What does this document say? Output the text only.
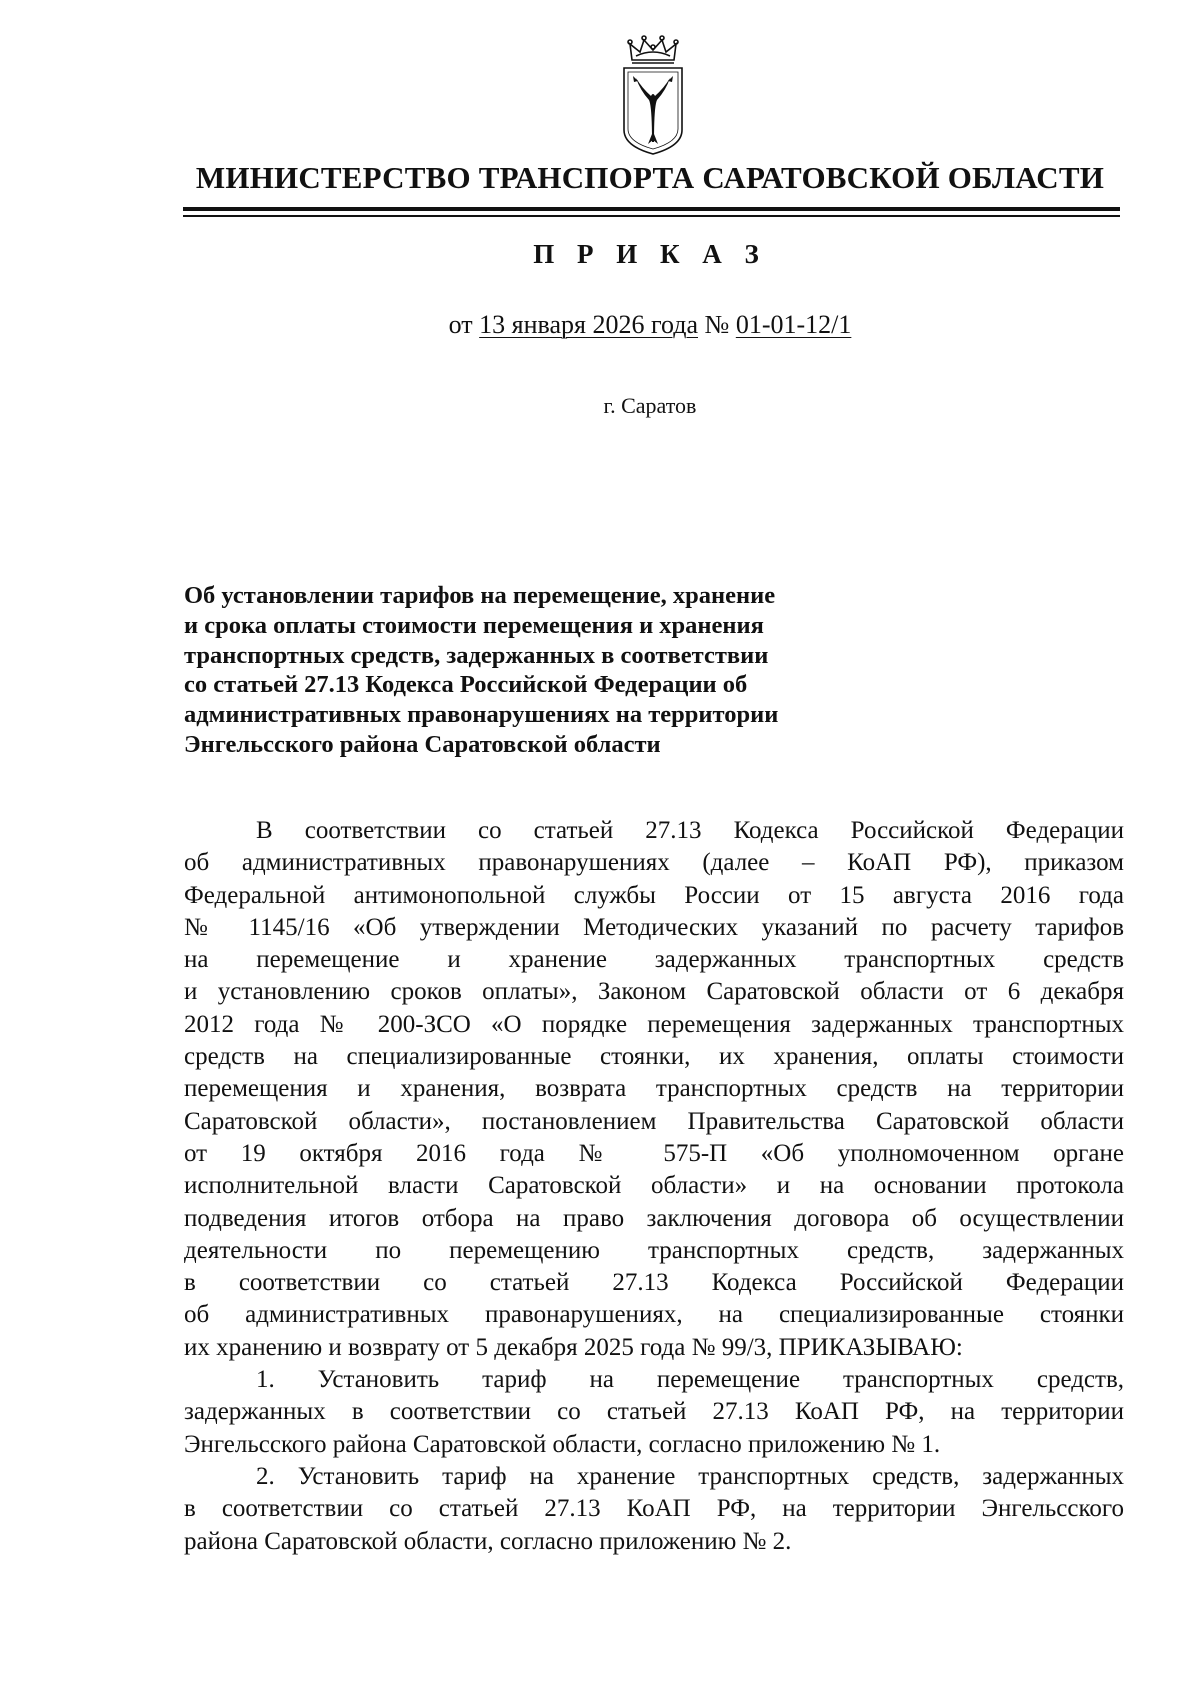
МИНИСТЕРСТВО ТРАНСПОРТА САРАТОВСКОЙ ОБЛАСТИ
П Р И К А З
от 13 января 2026 года № 01-01-12/1
г. Саратов
Об установлении тарифов на перемещение, хранение
и срока оплаты стоимости перемещения и хранения
транспортных средств, задержанных в соответствии
со статьей 27.13 Кодекса Российской Федерации об
административных правонарушениях на территории
Энгельсского района Саратовской области
В соответствии со статьей 27.13 Кодекса Российской Федерации
об административных правонарушениях (далее – КоАП РФ), приказом
Федеральной антимонопольной службы России от 15 августа 2016 года
№ 1145/16 «Об утверждении Методических указаний по расчету тарифов
на перемещение и хранение задержанных транспортных средств
и установлению сроков оплаты», Законом Саратовской области от 6 декабря
2012 года № 200-ЗСО «О порядке перемещения задержанных транспортных
средств на специализированные стоянки, их хранения, оплаты стоимости
перемещения и хранения, возврата транспортных средств на территории
Саратовской области», постановлением Правительства Саратовской области
от 19 октября 2016 года № 575-П «Об уполномоченном органе
исполнительной власти Саратовской области» и на основании протокола
подведения итогов отбора на право заключения договора об осуществлении
деятельности по перемещению транспортных средств, задержанных
в соответствии со статьей 27.13 Кодекса Российской Федерации
об административных правонарушениях, на специализированные стоянки
их хранению и возврату от 5 декабря 2025 года № 99/3, ПРИКАЗЫВАЮ:
1. Установить тариф на перемещение транспортных средств,
задержанных в соответствии со статьей 27.13 КоАП РФ, на территории
Энгельсского района Саратовской области, согласно приложению № 1.
2. Установить тариф на хранение транспортных средств, задержанных
в соответствии со статьей 27.13 КоАП РФ, на территории Энгельсского
района Саратовской области, согласно приложению № 2.
